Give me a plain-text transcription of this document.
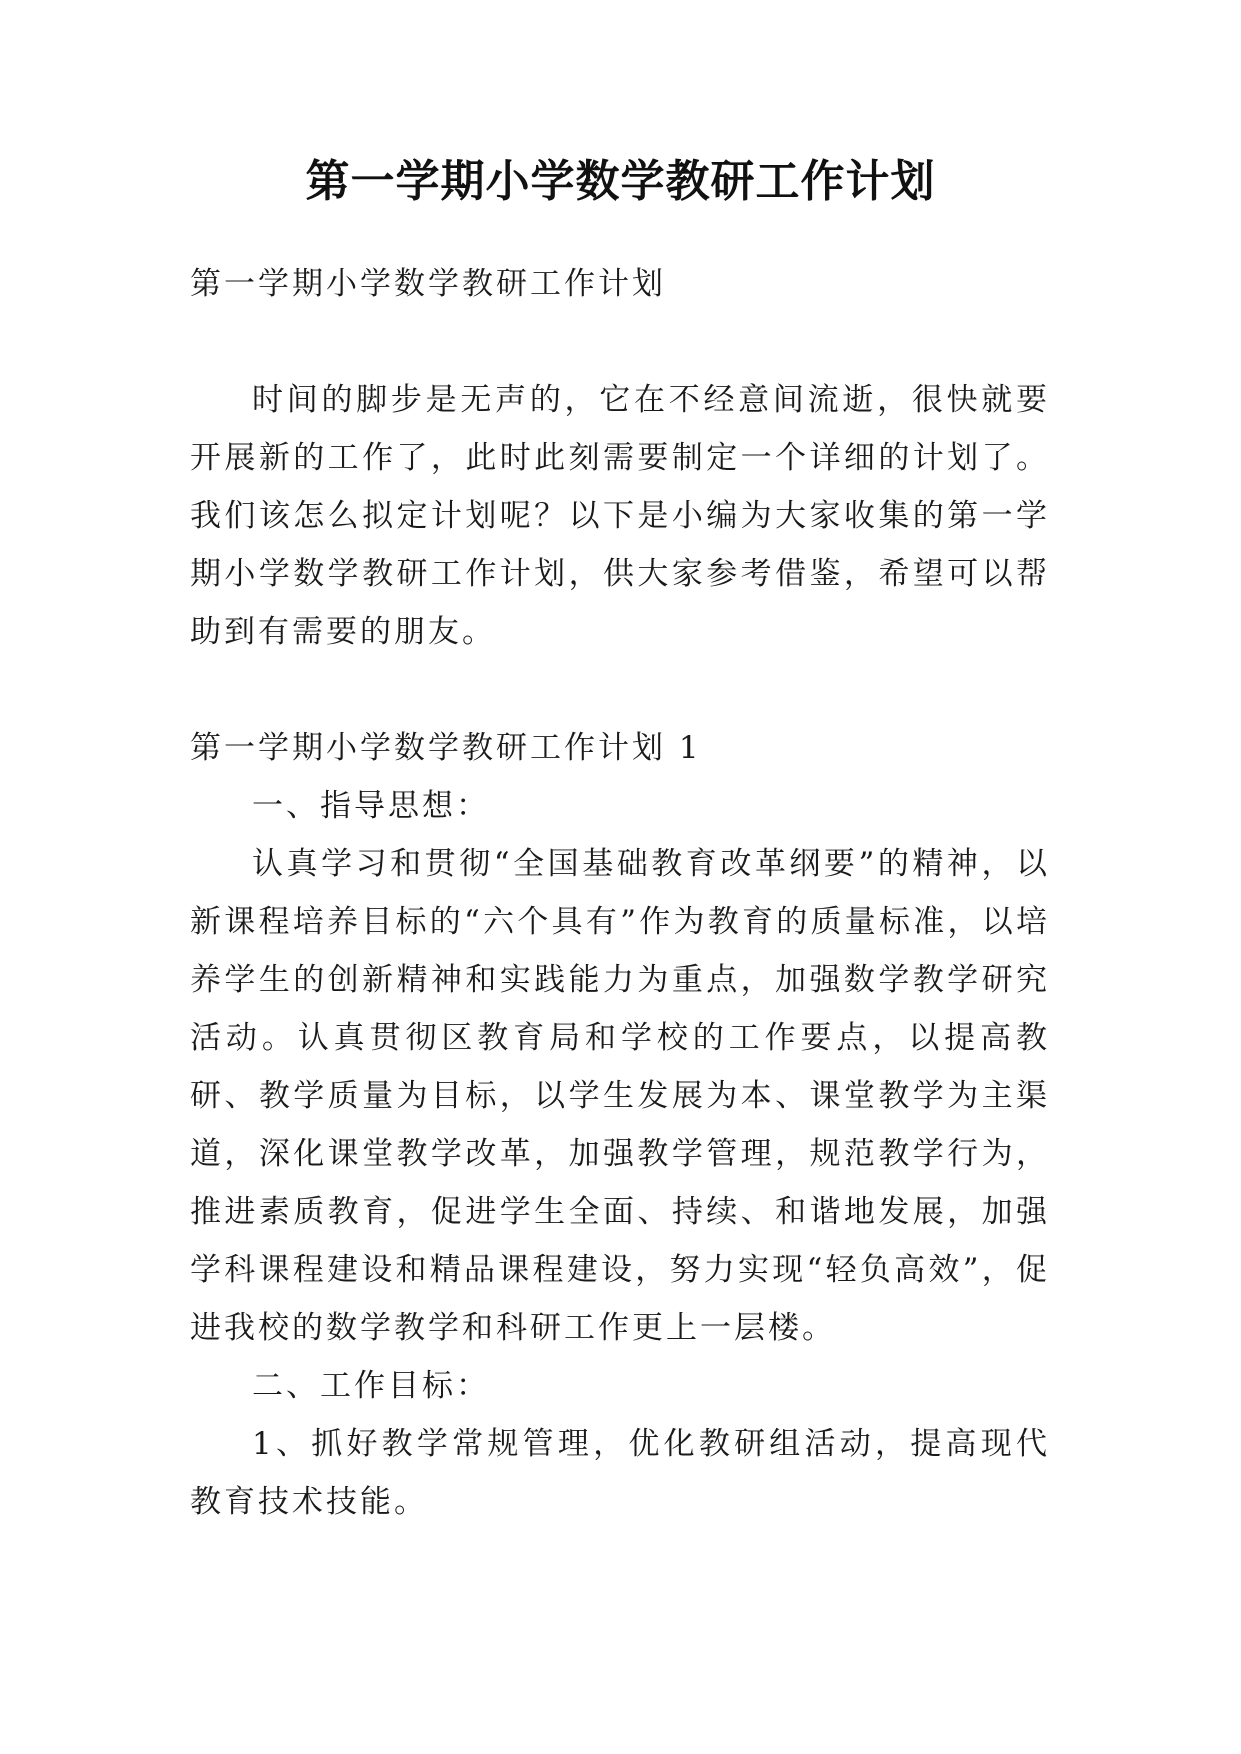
第一学期小学数学教研工作计划

第一学期小学数学教研工作计划

时间的脚步是无声的，它在不经意间流逝，很快就要开展新的工作了，此时此刻需要制定一个详细的计划了。我们该怎么拟定计划呢？以下是小编为大家收集的第一学期小学数学教研工作计划，供大家参考借鉴，希望可以帮助到有需要的朋友。

第一学期小学数学教研工作计划 1

一、指导思想：

认真学习和贯彻“全国基础教育改革纲要”的精神，以新课程培养目标的“六个具有”作为教育的质量标准，以培养学生的创新精神和实践能力为重点，加强数学教学研究活动。认真贯彻区教育局和学校的工作要点，以提高教研、教学质量为目标，以学生发展为本、课堂教学为主渠道，深化课堂教学改革，加强教学管理，规范教学行为，推进素质教育，促进学生全面、持续、和谐地发展，加强学科课程建设和精品课程建设，努力实现“轻负高效”，促进我校的数学教学和科研工作更上一层楼。

二、工作目标：

1、抓好教学常规管理，优化教研组活动，提高现代教育技术技能。
